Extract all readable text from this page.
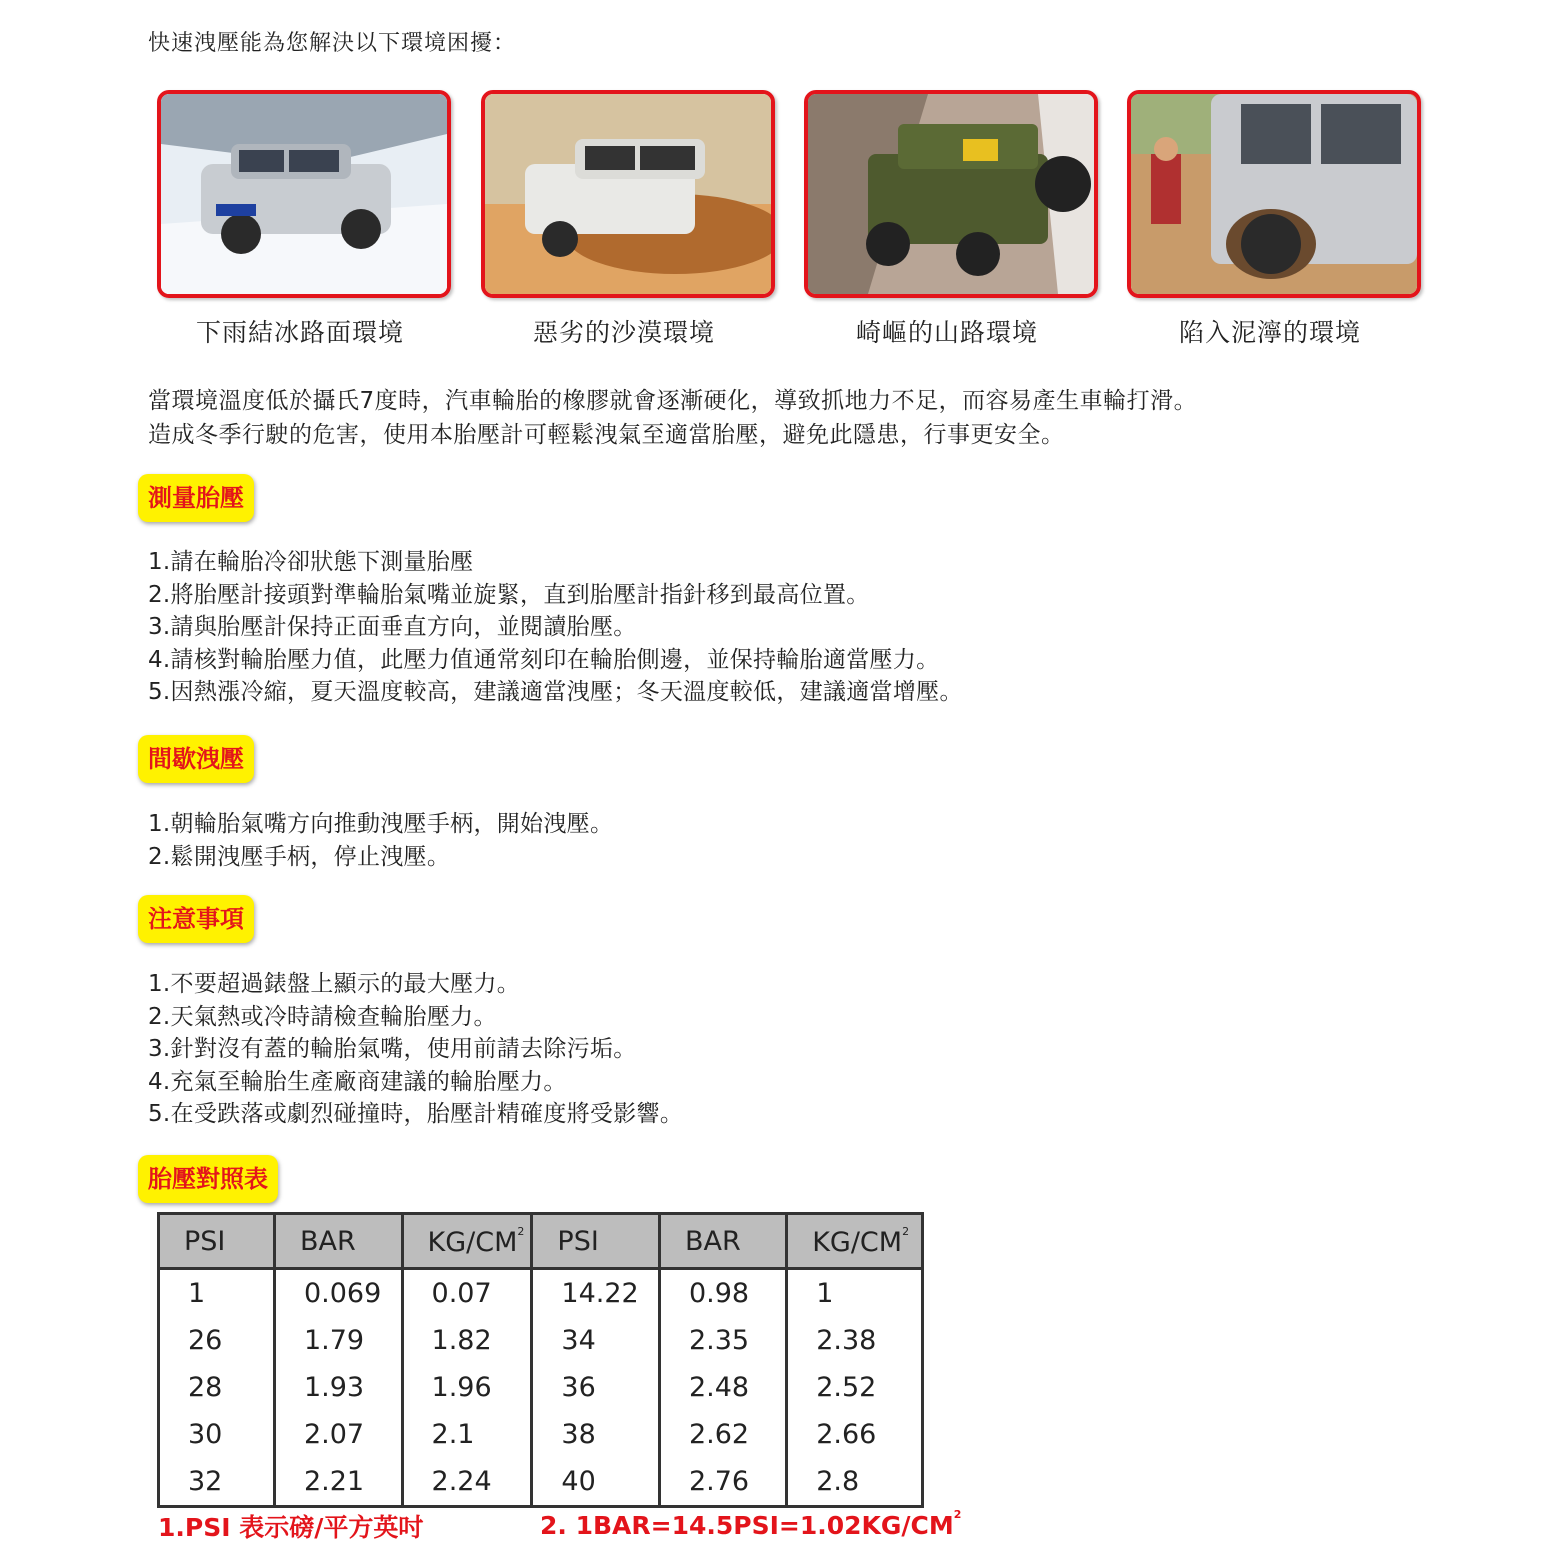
快速洩壓能為您解決以下環境困擾：
下雨結冰路面環境	惡劣的沙漠環境	崎嶇的山路環境	陷入泥濘的環境
當環境溫度低於攝氏7度時，汽車輪胎的橡膠就會逐漸硬化，導致抓地力不足，而容易產生車輪打滑。
造成冬季行駛的危害，使用本胎壓計可輕鬆洩氣至適當胎壓，避免此隱患，行事更安全。
測量胎壓
1.請在輪胎冷卻狀態下測量胎壓
2.將胎壓計接頭對準輪胎氣嘴並旋緊，直到胎壓計指針移到最高位置。
3.請與胎壓計保持正面垂直方向，並閱讀胎壓。
4.請核對輪胎壓力值，此壓力值通常刻印在輪胎側邊，並保持輪胎適當壓力。
5.因熱漲冷縮，夏天溫度較高，建議適當洩壓；冬天溫度較低，建議適當增壓。
間歇洩壓
1.朝輪胎氣嘴方向推動洩壓手柄，開始洩壓。
2.鬆開洩壓手柄，停止洩壓。
注意事項
1.不要超過錶盤上顯示的最大壓力。
2.天氣熱或冷時請檢查輪胎壓力。
3.針對沒有蓋的輪胎氣嘴，使用前請去除污垢。
4.充氣至輪胎生產廠商建議的輪胎壓力。
5.在受跌落或劇烈碰撞時，胎壓計精確度將受影響。
胎壓對照表
PSI	BAR	$KG/CM^2$	PSI	BAR	$KG/CM^2$
1	0.069	0.07	14.22	0.98	1
26	1.79	1.82	34	2.35	2.38
28	1.93	1.96	36	2.48	2.52
30	2.07	2.1	38	2.62	2.66
32	2.21	2.24	40	2.76	2.8
1.PSI 表示磅/平方英吋	2. $1BAR=14.5PSI=1.02KG/CM^2$
